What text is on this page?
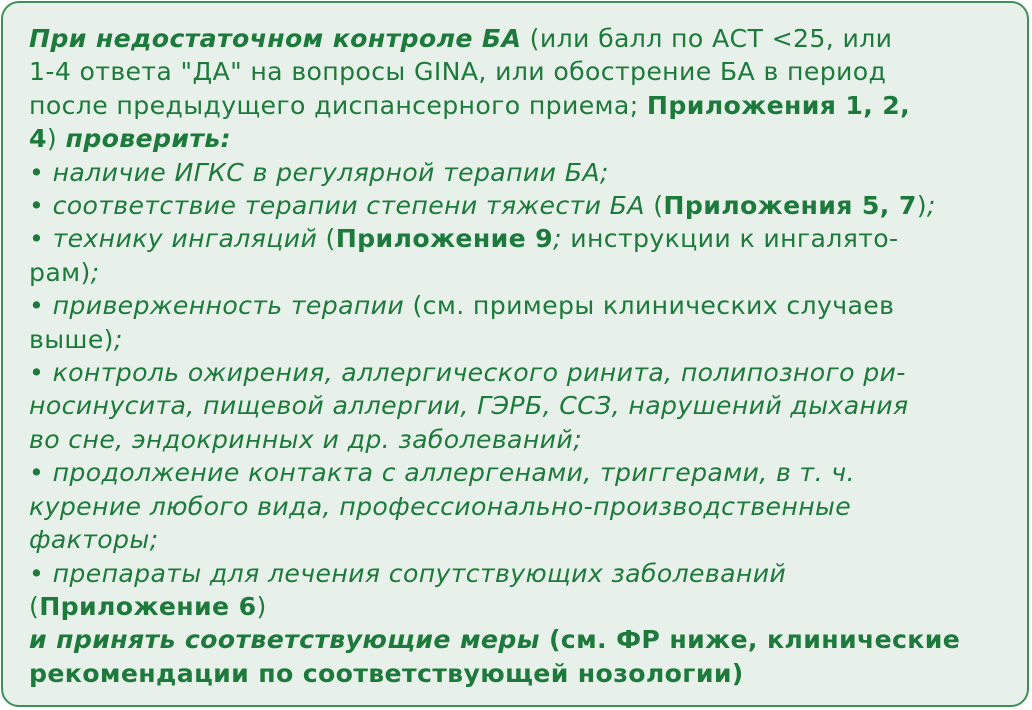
При недостаточном контроле БА (или балл по АСТ <25, или
1-4 ответа "ДА" на вопросы GINA, или обострение БА в период
после предыдущего диспансерного приема; Приложения 1, 2,
4) проверить:
• наличие ИГКС в регулярной терапии БА;
• соответствие терапии степени тяжести БА (Приложения 5, 7);
• технику ингаляций (Приложение 9; инструкции к ингалято-
рам);
• приверженность терапии (см. примеры клинических случаев
выше);
• контроль ожирения, аллергического ринита, полипозного ри-
носинусита, пищевой аллергии, ГЭРБ, ССЗ, нарушений дыхания
во сне, эндокринных и др. заболеваний;
• продолжение контакта с аллергенами, триггерами, в т. ч.
курение любого вида, профессионально-производственные
факторы;
• препараты для лечения сопутствующих заболеваний
(Приложение 6)
и принять соответствующие меры (см. ФР ниже, клинические
рекомендации по соответствующей нозологии)
